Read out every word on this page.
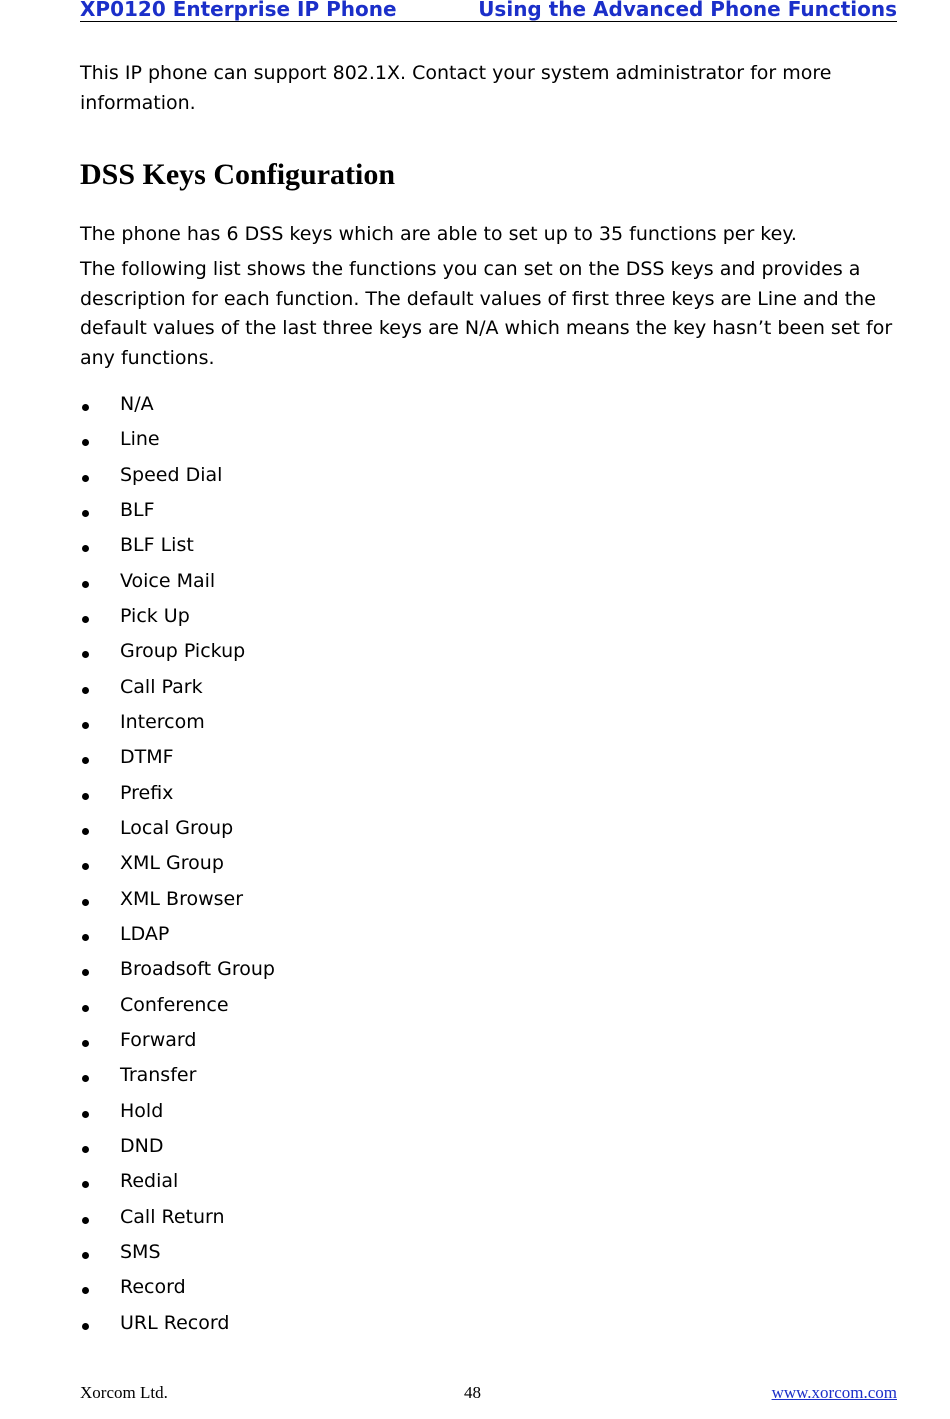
XP0120 Enterprise IP Phone	Using the Advanced Phone Functions
This IP phone can support 802.1X. Contact your system administrator for more information.
DSS Keys Configuration
The phone has 6 DSS keys which are able to set up to 35 functions per key.
The following list shows the functions you can set on the DSS keys and provides a description for each function. The default values of first three keys are Line and the default values of the last three keys are N/A which means the key hasn’t been set for any functions.
N/A
Line
Speed Dial
BLF
BLF List
Voice Mail
Pick Up
Group Pickup
Call Park
Intercom
DTMF
Prefix
Local Group
XML Group
XML Browser
LDAP
Broadsoft Group
Conference
Forward
Transfer
Hold
DND
Redial
Call Return
SMS
Record
URL Record
Xorcom Ltd.	48	www.xorcom.com
